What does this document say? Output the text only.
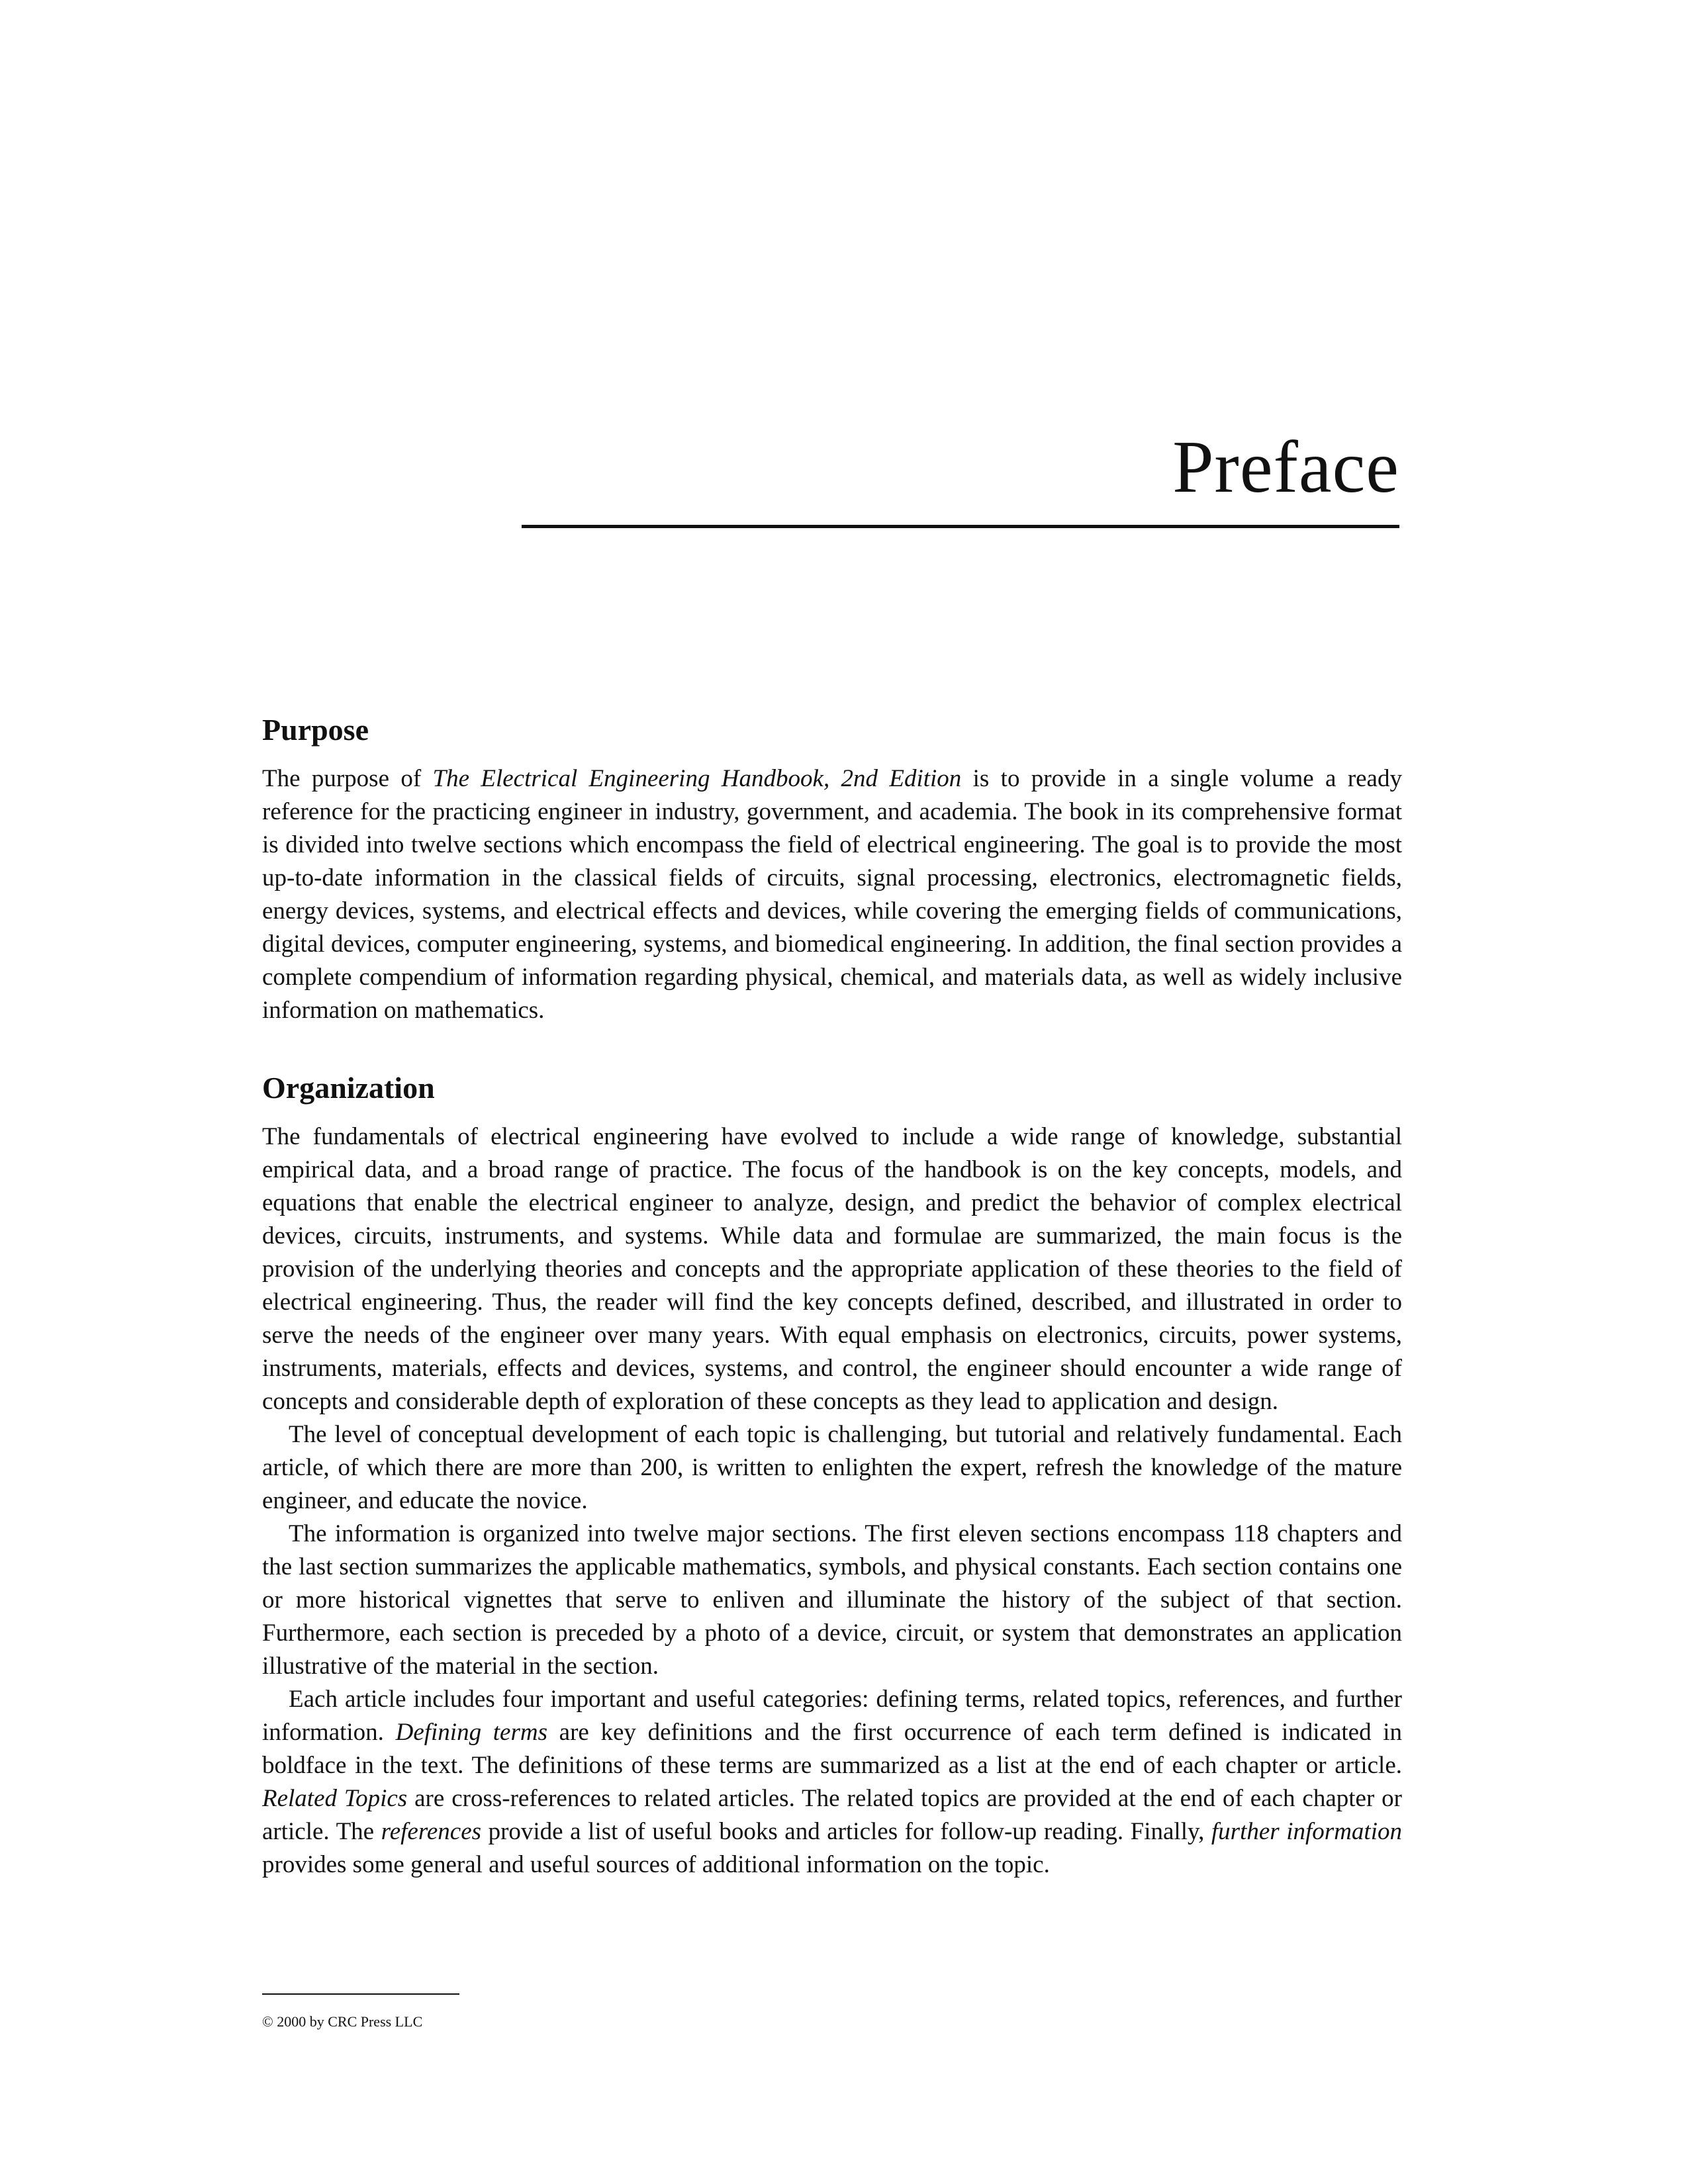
Preface
Purpose

The purpose of The Electrical Engineering Handbook, 2nd Edition is to provide in a single volume a ready reference for the practicing engineer in industry, government, and academia. The book in its comprehensive format is divided into twelve sections which encompass the field of electrical engineering. The goal is to provide the most up-to-date information in the classical fields of circuits, signal processing, electronics, electromagnetic fields, energy devices, systems, and electrical effects and devices, while covering the emerging fields of communications, digital devices, computer engineering, systems, and biomedical engineering. In addition, the final section provides a complete compendium of information regarding physical, chemical, and materials data, as well as widely inclusive information on mathematics.

Organization

The fundamentals of electrical engineering have evolved to include a wide range of knowledge, substantial empirical data, and a broad range of practice. The focus of the handbook is on the key concepts, models, and equations that enable the electrical engineer to analyze, design, and predict the behavior of complex electrical devices, circuits, instruments, and systems. While data and formulae are summarized, the main focus is the provision of the underlying theories and concepts and the appropriate application of these theories to the field of electrical engineering. Thus, the reader will find the key concepts defined, described, and illustrated in order to serve the needs of the engineer over many years. With equal emphasis on electronics, circuits, power systems, instruments, materials, effects and devices, systems, and control, the engineer should encounter a wide range of concepts and considerable depth of exploration of these concepts as they lead to application and design.

The level of conceptual development of each topic is challenging, but tutorial and relatively fundamental. Each article, of which there are more than 200, is written to enlighten the expert, refresh the knowledge of the mature engineer, and educate the novice.

The information is organized into twelve major sections. The first eleven sections encompass 118 chapters and the last section summarizes the applicable mathematics, symbols, and physical constants. Each section contains one or more historical vignettes that serve to enliven and illuminate the history of the subject of that section. Furthermore, each section is preceded by a photo of a device, circuit, or system that demonstrates an application illustrative of the material in the section.

Each article includes four important and useful categories: defining terms, related topics, references, and further information. Defining terms are key definitions and the first occurrence of each term defined is indicated in boldface in the text. The definitions of these terms are summarized as a list at the end of each chapter or article. Related Topics are cross-references to related articles. The related topics are provided at the end of each chapter or article. The references provide a list of useful books and articles for follow-up reading. Finally, further information provides some general and useful sources of additional information on the topic.

© 2000 by CRC Press LLC
